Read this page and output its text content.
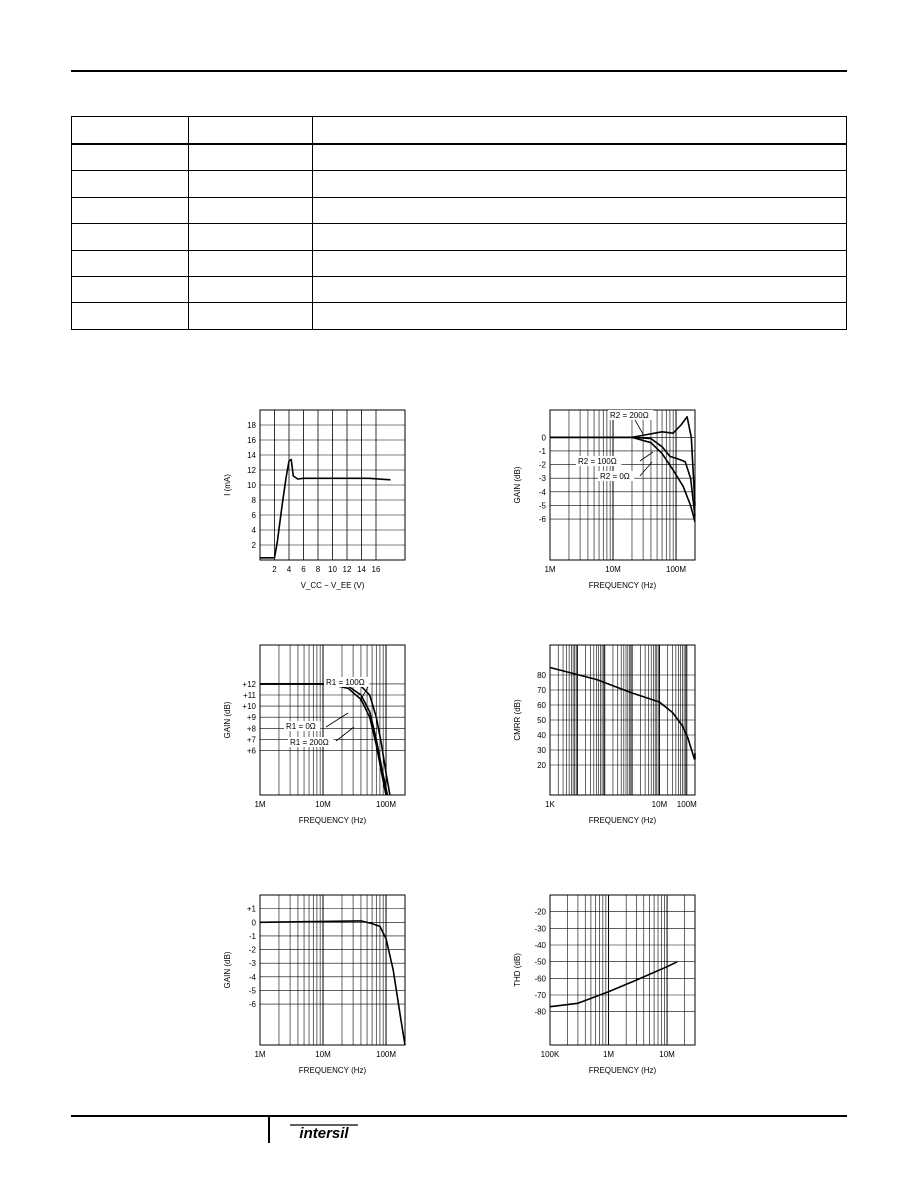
2
4
6
8
10
12
14
16
18
2 4 6 8 10 12 14 16
V_CC − V_EE (V)
I (mA)
0
-1
-2
-3
-4
-5
-6
1M	10M	100M
FREQUENCY (Hz)
GAIN (dB)
R2 = 200Ω
R2 = 100Ω
R2 = 0Ω
+12
+11
+10
+9
+8
+7
+6
1M	10M	100M
FREQUENCY (Hz)
GAIN (dB)
R1 = 100Ω
R1 = 0Ω
R1 = 200Ω
80
70
60
50
40
30
20
1K	10M 100M
FREQUENCY (Hz)
CMRR (dB)
+1
0
-1
-2
-3
-4
-5
-6
1M	10M	100M
FREQUENCY (Hz)
GAIN (dB)
-20
-30
-40
-50
-60
-70
-80
100K	1M	10M
FREQUENCY (Hz)
THD (dB)
intersil
